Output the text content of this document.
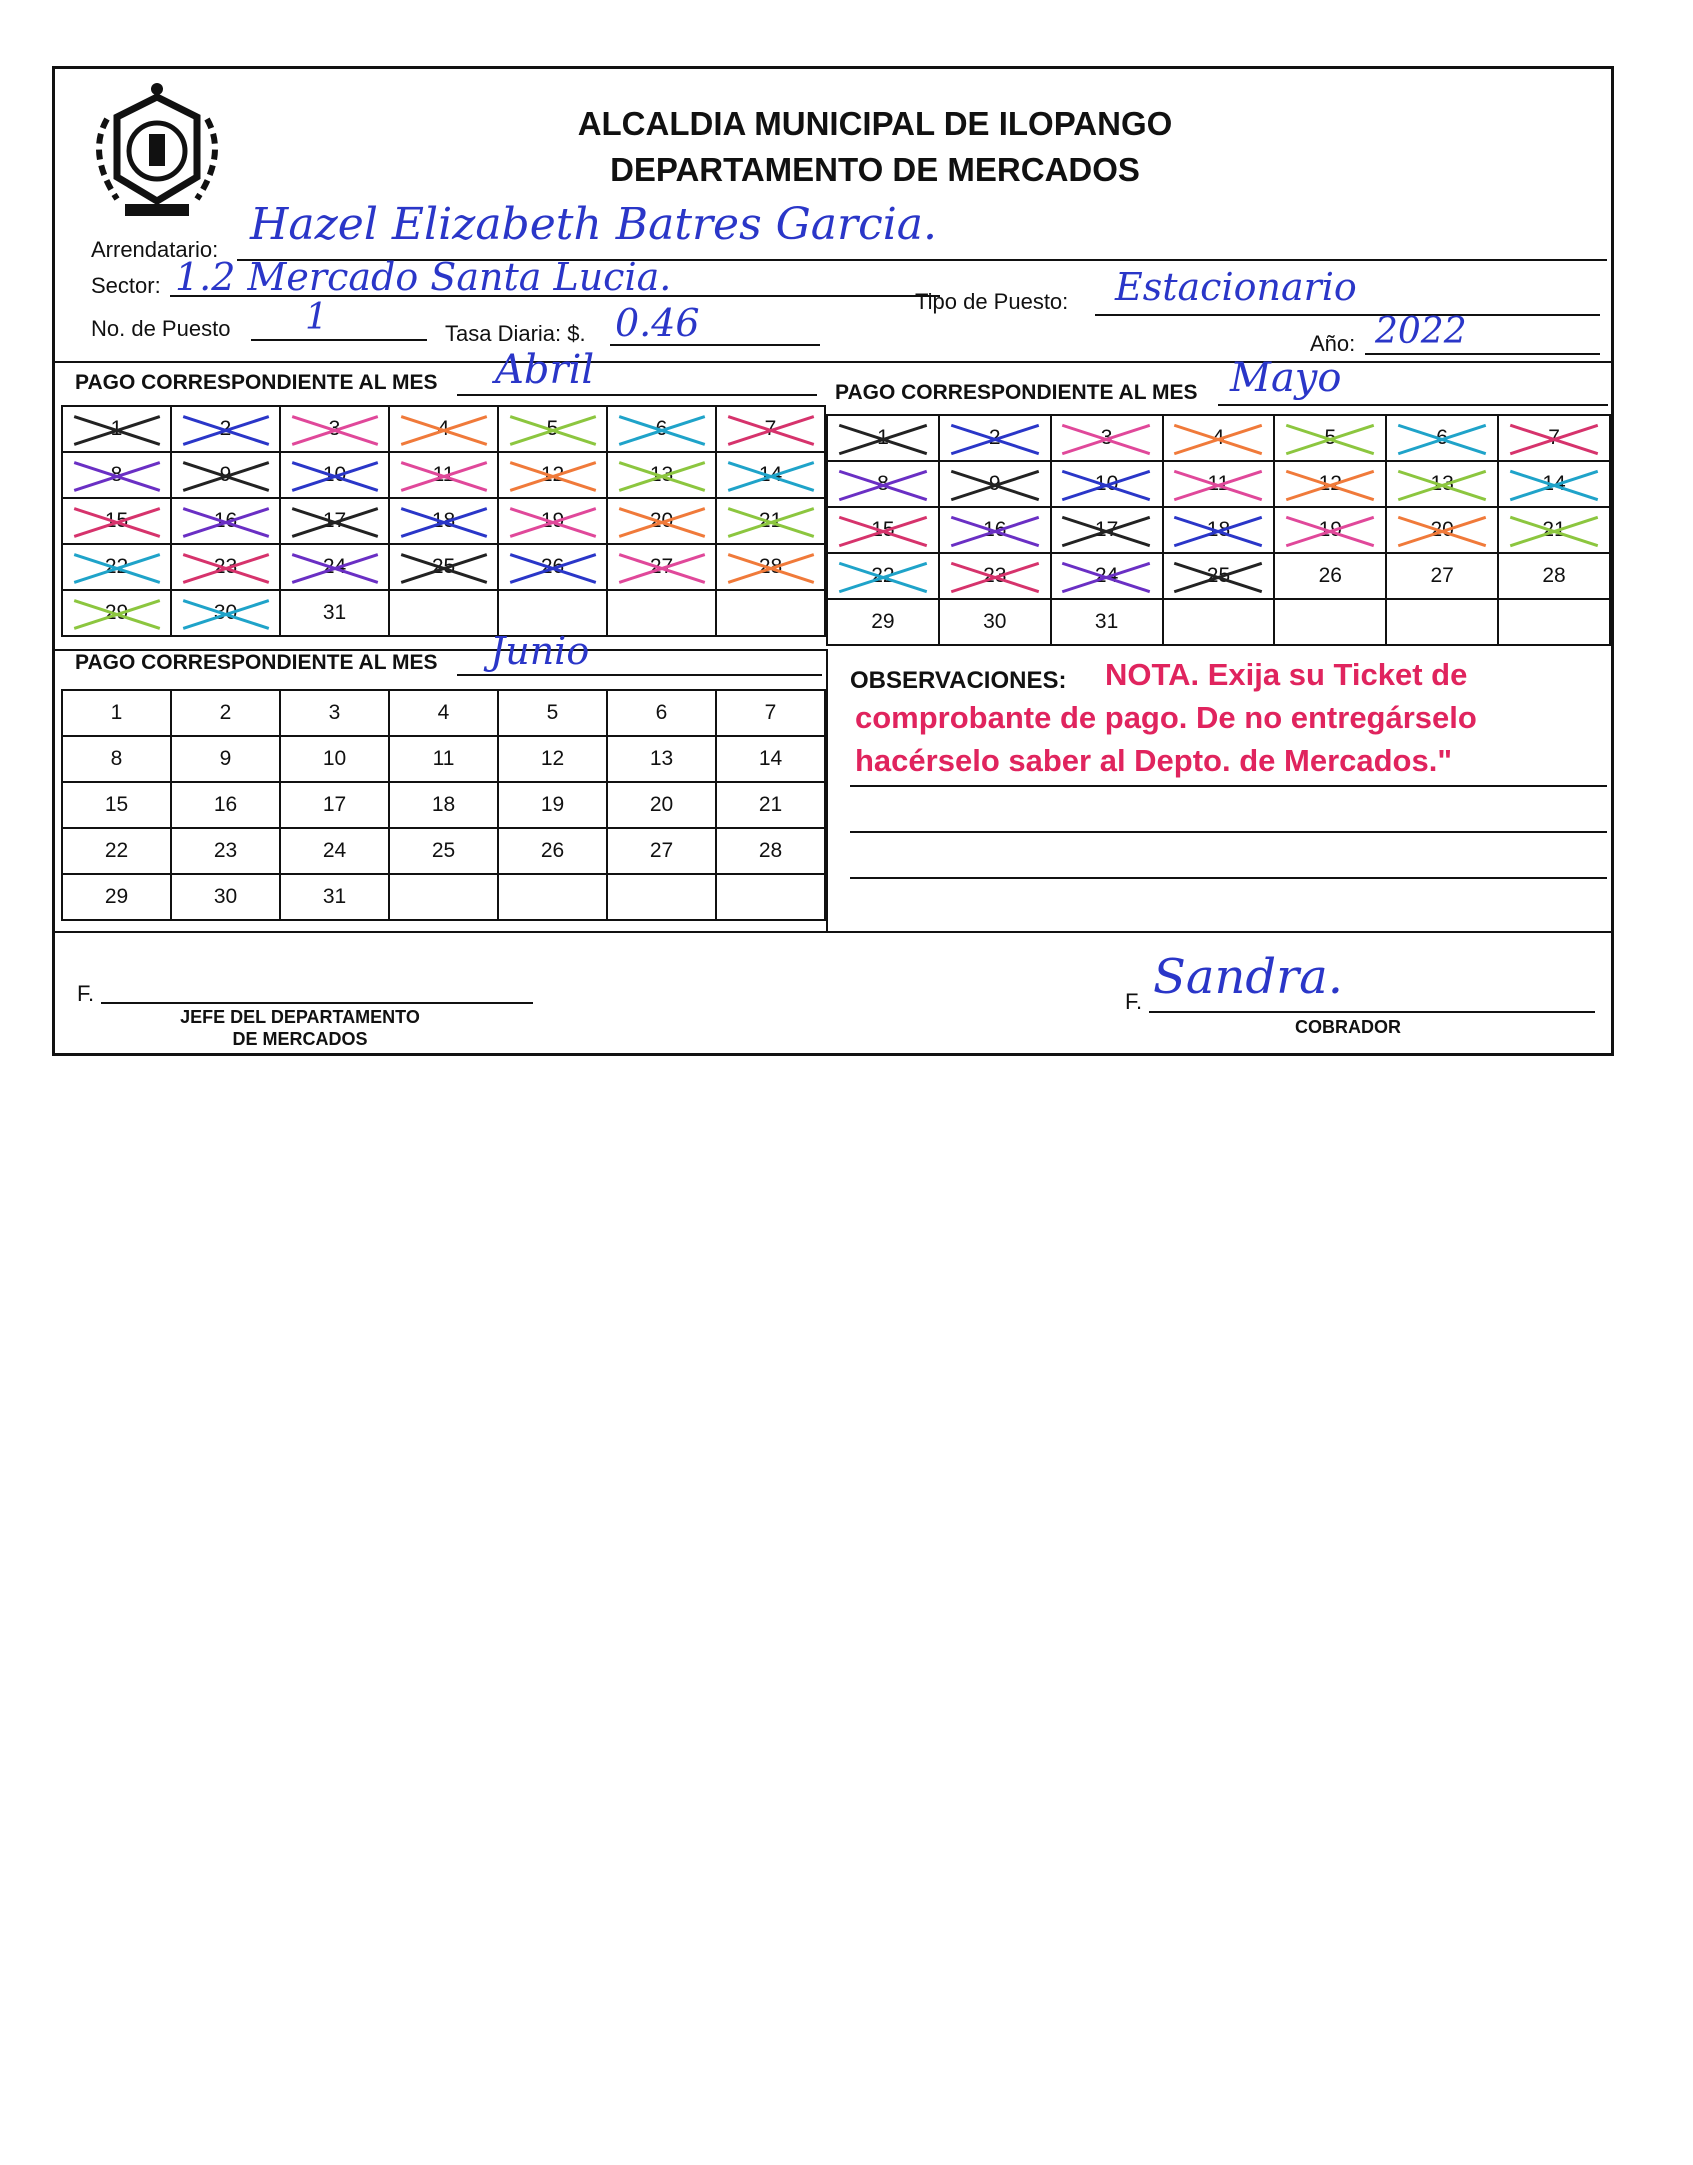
ALCALDIA MUNICIPAL DE ILOPANGO
DEPARTAMENTO DE MERCADOS
Arrendatario: Hazel Elizabeth Batres Garcia.
Sector: 1.2 Mercado Santa Lucia.
Tipo de Puesto: Estacionario
No. de Puesto 1	Tasa Diaria: $. 0.46	Año: 2022
PAGO CORRESPONDIENTE AL MES Abril	PAGO CORRESPONDIENTE AL MES Mayo
1	2	3	4	5	6	7

8	9	10	11	12	13	14

15	16	17	18	19	20	21

22	23	24	25	26	27	28

29	30	31				

1	2	3	4	5	6	7

8	9	10	11	12	13	14

15	16	17	18	19	20	21

22	23	24	25	26	27	28

29	30	31				

PAGO CORRESPONDIENTE AL MES Junio
1	2	3	4	5	6	7

8	9	10	11	12	13	14

15	16	17	18	19	20	21

22	23	24	25	26	27	28

29	30	31				

OBSERVACIONES:	NOTA. Exija su Ticket de comprobante de pago. De no entregárselo hacérselo saber al Depto. de Mercados."
F.
JEFE DEL DEPARTAMENTO
DE MERCADOS
F. Sandra.
COBRADOR
